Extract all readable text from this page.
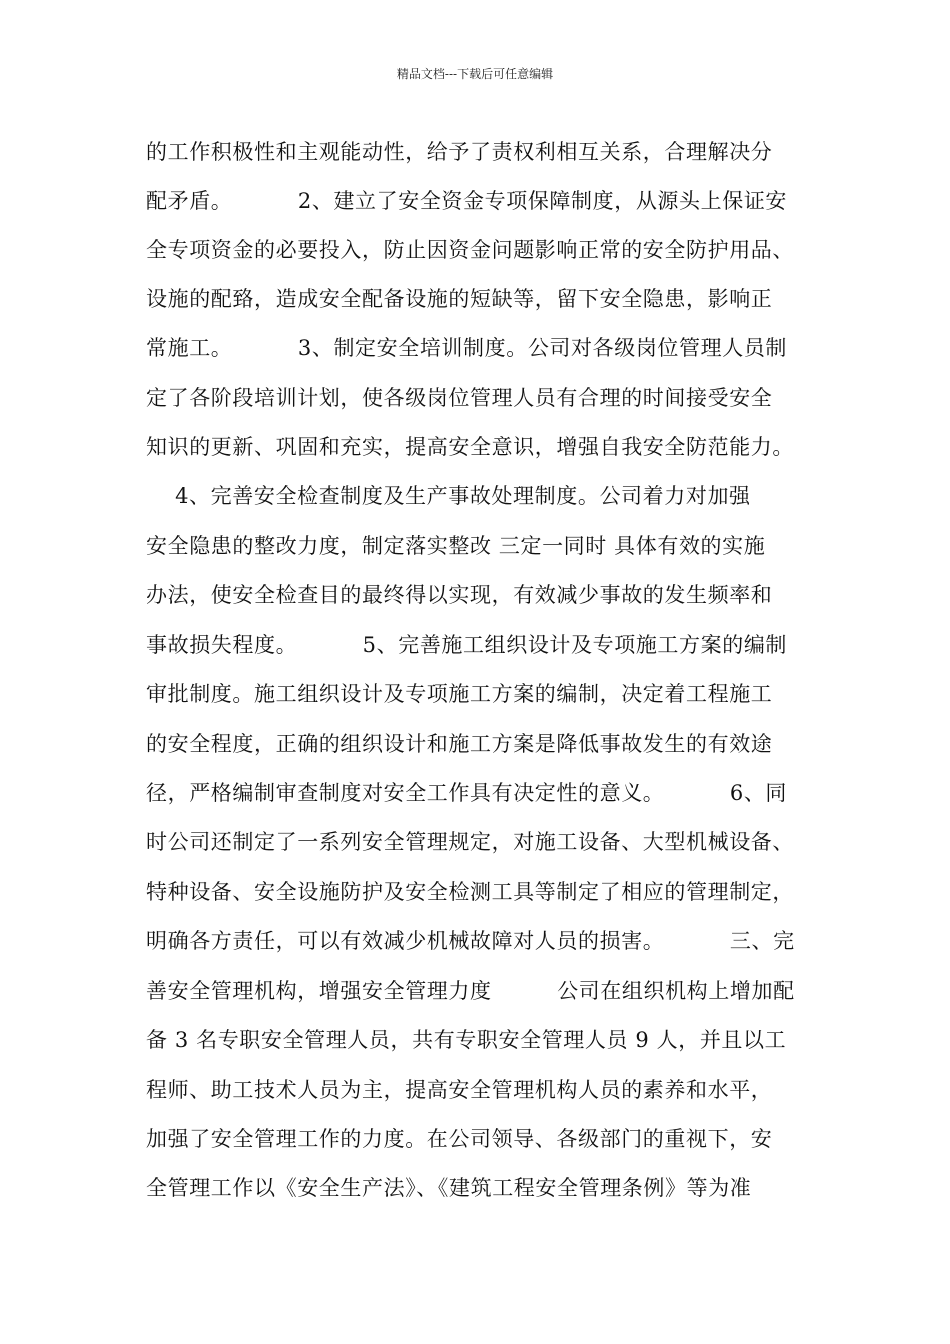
精品文档---下载后可任意编辑
的工作积极性和主观能动性，给予了责权利相互关系，合理解决分
配矛盾。         2、建立了安全资金专项保障制度，从源头上保证安
全专项资金的必要投入，防止因资金问题影响正常的安全防护用品、
设施的配臵，造成安全配备设施的短缺等，留下安全隐患，影响正
常施工。         3、制定安全培训制度。公司对各级岗位管理人员制
定了各阶段培训计划，使各级岗位管理人员有合理的时间接受安全
知识的更新、巩固和充实，提高安全意识，增强自我安全防范能力。
4、完善安全检查制度及生产事故处理制度。公司着力对加强
安全隐患的整改力度，制定落实整改 三定一同时 具体有效的实施
办法，使安全检查目的最终得以实现，有效减少事故的发生频率和
事故损失程度。         5、完善施工组织设计及专项施工方案的编制
审批制度。施工组织设计及专项施工方案的编制，决定着工程施工
的安全程度，正确的组织设计和施工方案是降低事故发生的有效途
径，严格编制审查制度对安全工作具有决定性的意义。         6、同
时公司还制定了一系列安全管理规定，对施工设备、大型机械设备、
特种设备、安全设施防护及安全检测工具等制定了相应的管理制定，
明确各方责任，可以有效减少机械故障对人员的损害。         三、完
善安全管理机构，增强安全管理力度         公司在组织机构上增加配
备 3 名专职安全管理人员，共有专职安全管理人员 9 人，并且以工
程师、助工技术人员为主，提高安全管理机构人员的素养和水平，
加强了安全管理工作的力度。在公司领导、各级部门的重视下，安
全管理工作以《安全生产法》、《建筑工程安全管理条例》等为准
